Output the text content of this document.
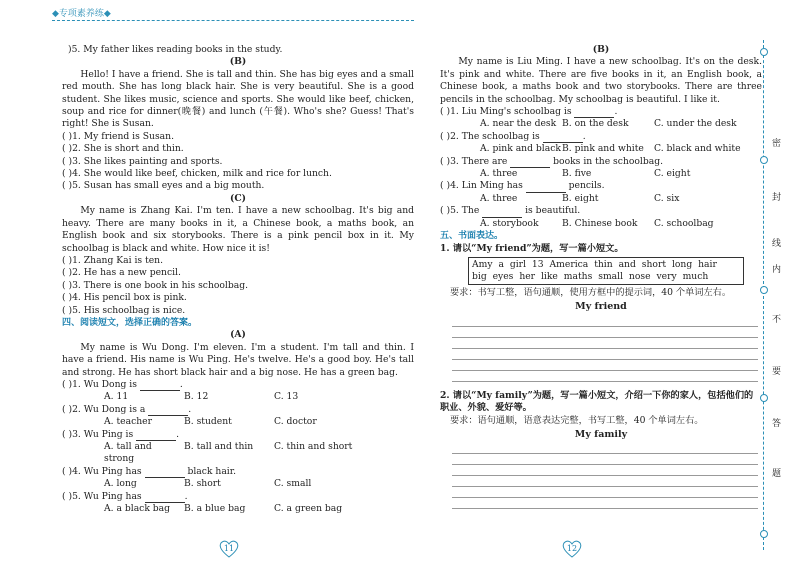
◆专项素养练◆
)5. My father likes reading books in the study.
(B)
Hello! I have a friend. She is tall and thin. She has big eyes and a small red mouth. She has long black hair. She is very beautiful. She is a good student. She likes music, science and sports. She would like beef, chicken, soup and rice for dinner(晚餐) and lunch (午餐). Who's she? Guess! That's right! She is Susan.
( )1. My friend is Susan.
( )2. She is short and thin.
( )3. She likes painting and sports.
( )4. She would like beef, chicken, milk and rice for lunch.
( )5. Susan has small eyes and a big mouth.
(C)
My name is Zhang Kai. I'm ten. I have a new schoolbag. It's big and heavy. There are many books in it, a Chinese book, a maths book, an English book and six storybooks. There is a pink pencil box in it. My schoolbag is black and white. How nice it is!
( )1. Zhang Kai is ten.
( )2. He has a new pencil.
( )3. There is one book in his schoolbag.
( )4. His pencil box is pink.
( )5. His schoolbag is nice.
四、阅读短文，选择正确的答案。
(A)
My name is Wu Dong. I'm eleven. I'm a student. I'm tall and thin. I have a friend. His name is Wu Ping. He's twelve. He's a good boy. He's tall and strong. He has short black hair and a big nose. He has a green bag.
( )1. Wu Dong is	.
A. 11	B. 12	C. 13
( )2. Wu Dong is a	.
A. teacher	B. student	C. doctor
( )3. Wu Ping is	.
A. tall and strong
B. tall and thin	C. thin and short
( )4. Wu Ping has	black hair.
A. long	B. short	C. small
( )5. Wu Ping has	.
A. a black bag	B. a blue bag	C. a green bag
11
(B)
My name is Liu Ming. I have a new schoolbag. It's on the desk. It's pink and white. There are five books in it, an English book, a Chinese book, a maths book and two storybooks. There are three pencils in the schoolbag. My schoolbag is beautiful. I like it.
( )1. Liu Ming's schoolbag is	.
A. near the desk B. on the desk	C. under the desk
( )2. The schoolbag is	.
A. pink and black B. pink and white	C. black and white
( )3. There are	books in the schoolbag.
A. three	B. five	C. eight
( )4. Lin Ming has	pencils.
A. three	B. eight	C. six
( )5. The	is beautiful.
A. storybook	B. Chinese book	C. schoolbag
五、书面表达。
1. 请以“My friend”为题，写一篇小短文。
Amy a girl 13 America thin and short long hair
big eyes her like maths small nose very much
要求：书写工整，语句通顺，使用方框中的提示词，40 个单词左右。
My friend
2. 请以“My family”为题，写一篇小短文，介绍一下你的家人，包括他们的职业、外貌、爱好等。
要求：语句通顺，语意表达完整，书写工整，40 个单词左右。
My family
12
密
封
线
内
不
要
答
题
